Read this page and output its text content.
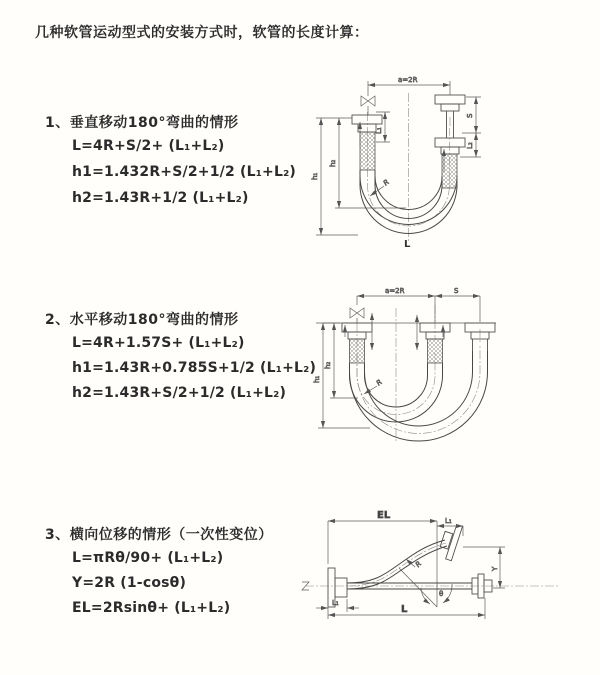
几种软管运动型式的安装方式时，软管的长度计算：
1、垂直移动180°弯曲的情形

L=4R+S/2+ (L₁+L₂)

h1=1.432R+S/2+1/2 (L₁+L₂)

h2=1.43R+1/2 (L₁+L₂)

2、水平移动180°弯曲的情形

L=4R+1.57S+ (L₁+L₂)

h1=1.43R+0.785S+1/2 (L₁+L₂)

h2=1.43R+S/2+1/2 (L₁+L₂)

3、横向位移的情形（一次性变位）

L=πRθ/90+ (L₁+L₂)

Y=2R (1-cosθ)

EL=2Rsinθ+ (L₁+L₂)

a=2R
L₁
S
L₂
h₁
h₂
R
L
a=2R	S
h₁
h₂
R
θ
EL	L₁
Y
L
L₁
R
